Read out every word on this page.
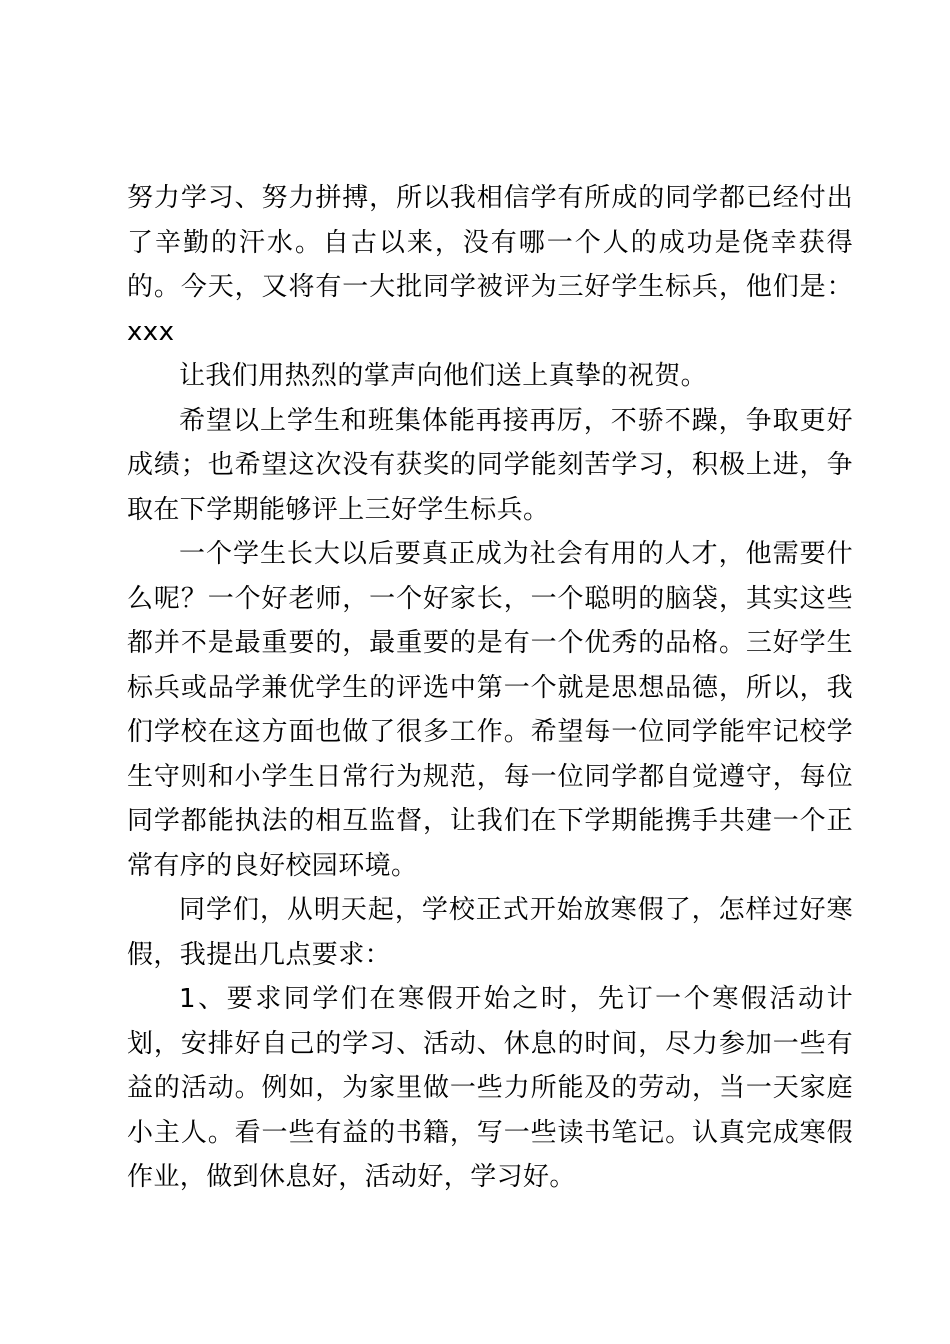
努力学习、努力拼搏，所以我相信学有所成的同学都已经付出了辛勤的汗水。自古以来，没有哪一个人的成功是侥幸获得的。今天，又将有一大批同学被评为三好学生标兵，他们是：xxx

让我们用热烈的掌声向他们送上真挚的祝贺。

希望以上学生和班集体能再接再厉，不骄不躁，争取更好成绩；也希望这次没有获奖的同学能刻苦学习，积极上进，争取在下学期能够评上三好学生标兵。

一个学生长大以后要真正成为社会有用的人才，他需要什么呢？一个好老师，一个好家长，一个聪明的脑袋，其实这些都并不是最重要的，最重要的是有一个优秀的品格。三好学生标兵或品学兼优学生的评选中第一个就是思想品德，所以，我们学校在这方面也做了很多工作。希望每一位同学能牢记校学生守则和小学生日常行为规范，每一位同学都自觉遵守，每位同学都能执法的相互监督，让我们在下学期能携手共建一个正常有序的良好校园环境。

同学们，从明天起，学校正式开始放寒假了，怎样过好寒假，我提出几点要求：

1、要求同学们在寒假开始之时，先订一个寒假活动计划，安排好自己的学习、活动、休息的时间，尽力参加一些有益的活动。例如，为家里做一些力所能及的劳动，当一天家庭小主人。看一些有益的书籍，写一些读书笔记。认真完成寒假作业，做到休息好，活动好，学习好。
